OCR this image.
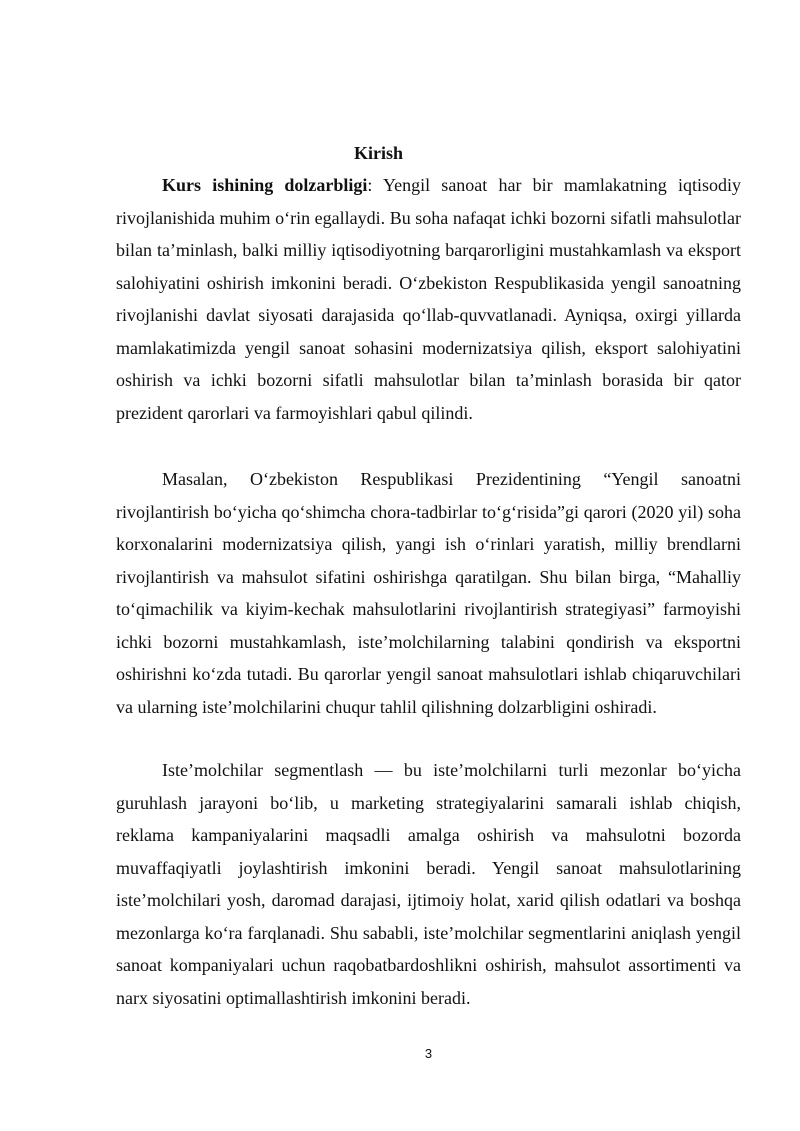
Kirish

Kurs ishining dolzarbligi: Yengil sanoat har bir mamlakatning iqtisodiy rivojlanishida muhim o‘rin egallaydi. Bu soha nafaqat ichki bozorni sifatli mahsulotlar bilan ta’minlash, balki milliy iqtisodiyotning barqarorligini mustahkamlash va eksport salohiyatini oshirish imkonini beradi. O‘zbekiston Respublikasida yengil sanoatning rivojlanishi davlat siyosati darajasida qo‘llab-quvvatlanadi. Ayniqsa, oxirgi yillarda mamlakatimizda yengil sanoat sohasini modernizatsiya qilish, eksport salohiyatini oshirish va ichki bozorni sifatli mahsulotlar bilan ta’minlash borasida bir qator prezident qarorlari va farmoyishlari qabul qilindi.

Masalan, O‘zbekiston Respublikasi Prezidentining “Yengil sanoatni rivojlantirish bo‘yicha qo‘shimcha chora-tadbirlar to‘g‘risida”gi qarori (2020 yil) soha korxonalarini modernizatsiya qilish, yangi ish o‘rinlari yaratish, milliy brendlarni rivojlantirish va mahsulot sifatini oshirishga qaratilgan. Shu bilan birga, “Mahalliy to‘qimachilik va kiyim-kechak mahsulotlarini rivojlantirish strategiyasi” farmoyishi ichki bozorni mustahkamlash, iste’molchilarning talabini qondirish va eksportni oshirishni ko‘zda tutadi. Bu qarorlar yengil sanoat mahsulotlari ishlab chiqaruvchilari va ularning iste’molchilarini chuqur tahlil qilishning dolzarbligini oshiradi.

Iste’molchilar segmentlash — bu iste’molchilarni turli mezonlar bo‘yicha guruhlash jarayoni bo‘lib, u marketing strategiyalarini samarali ishlab chiqish, reklama kampaniyalarini maqsadli amalga oshirish va mahsulotni bozorda muvaffaqiyatli joylashtirish imkonini beradi. Yengil sanoat mahsulotlarining iste’molchilari yosh, daromad darajasi, ijtimoiy holat, xarid qilish odatlari va boshqa mezonlarga ko‘ra farqlanadi. Shu sababli, iste’molchilar segmentlarini aniqlash yengil sanoat kompaniyalari uchun raqobatbardoshlikni oshirish, mahsulot assortimenti va narx siyosatini optimallashtirish imkonini beradi.

3
